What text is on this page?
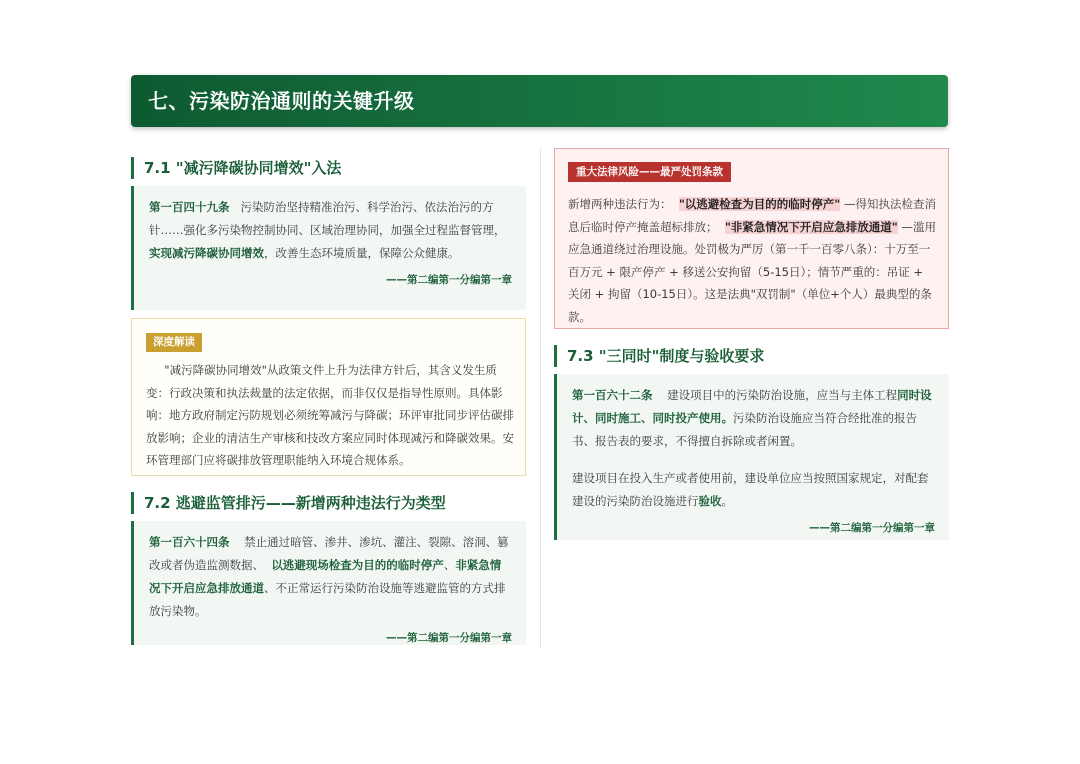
七、污染防治通则的关键升级
7.1 "减污降碳协同增效"入法
第一百四十九条 污染防治坚持精准治污、科学治污、依法治污的方针……强化多污染物控制协同、区域治理协同，加强全过程监督管理，实现减污降碳协同增效，改善生态环境质量，保障公众健康。
——第二编第一分编第一章
深度解读
"减污降碳协同增效"从政策文件上升为法律方针后，其含义发生质变：行政决策和执法裁量的法定依据，而非仅仅是指导性原则。具体影响：地方政府制定污防规划必须统筹减污与降碳；环评审批同步评估碳排放影响；企业的清洁生产审核和技改方案应同时体现减污和降碳效果。安环管理部门应将碳排放管理职能纳入环境合规体系。
7.2 逃避监管排污——新增两种违法行为类型
第一百六十四条 禁止通过暗管、渗井、渗坑、灌注、裂隙、溶洞、篡改或者伪造监测数据、 以逃避现场检查为目的的临时停产、非紧急情况下开启应急排放通道、不正常运行污染防治设施等逃避监管的方式排放污染物。
——第二编第一分编第一章
重大法律风险——最严处罚条款
新增两种违法行为： "以逃避检查为目的的临时停产" —得知执法检查消息后临时停产掩盖超标排放； "非紧急情况下开启应急排放通道" —滥用应急通道绕过治理设施。处罚极为严厉（第一千一百零八条）：十万至一百万元 + 限产停产 + 移送公安拘留（5-15日）；情节严重的：吊证 + 关闭 + 拘留（10-15日）。这是法典"双罚制"（单位+个人）最典型的条款。
7.3 "三同时"制度与验收要求
第一百六十二条 建设项目中的污染防治设施，应当与主体工程同时设计、同时施工、同时投产使用。污染防治设施应当符合经批准的报告书、报告表的要求，不得擅自拆除或者闲置。
建设项目在投入生产或者使用前，建设单位应当按照国家规定，对配套建设的污染防治设施进行验收。
——第二编第一分编第一章
